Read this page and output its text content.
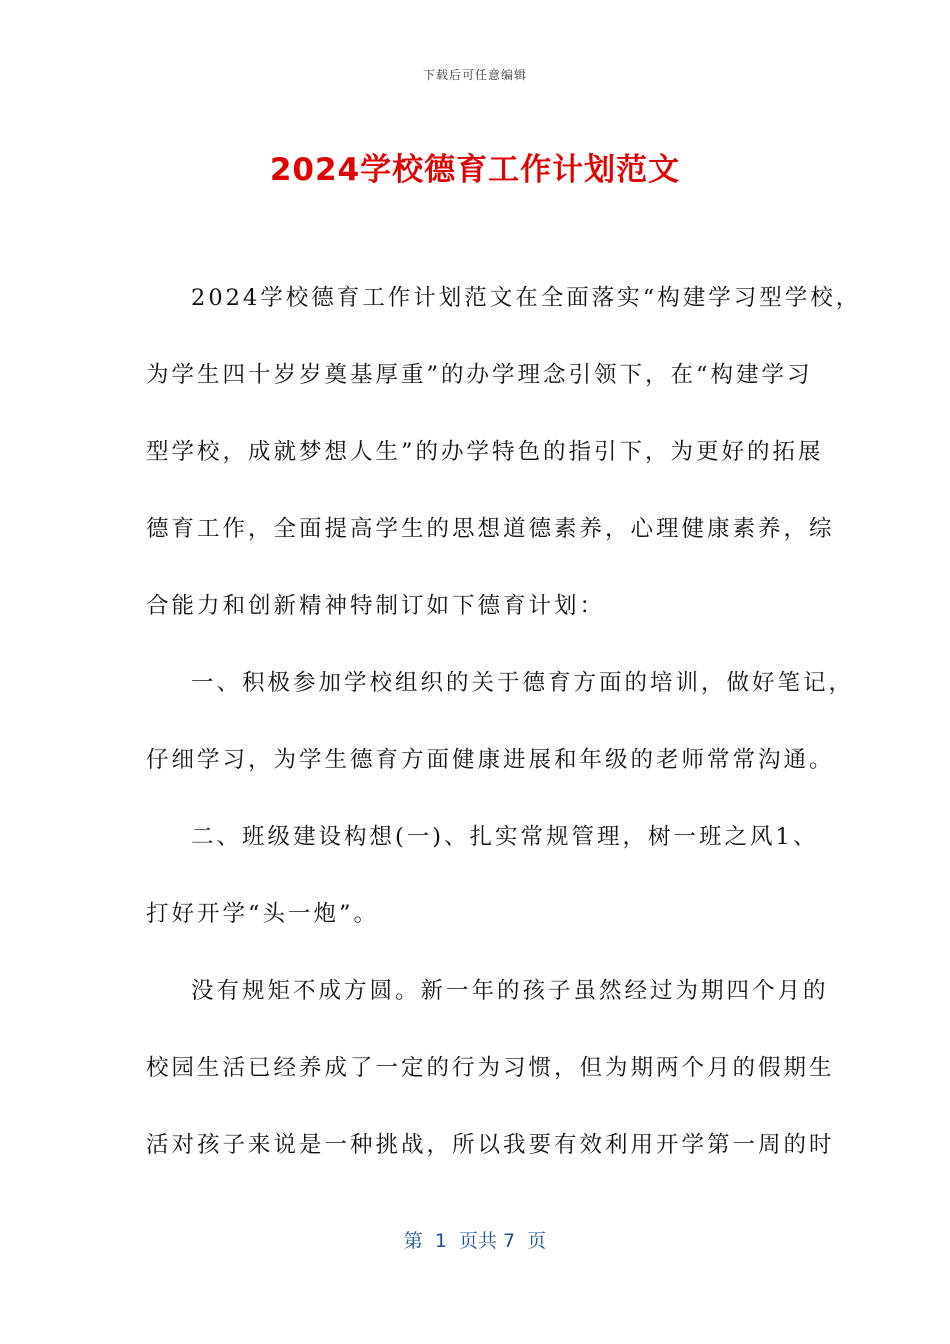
下载后可任意编辑
2024学校德育工作计划范文
2024学校德育工作计划范文在全面落实“构建学习型学校，
为学生四十岁岁奠基厚重”的办学理念引领下，在“构建学习
型学校，成就梦想人生”的办学特色的指引下，为更好的拓展
德育工作，全面提高学生的思想道德素养，心理健康素养，综
合能力和创新精神特制订如下德育计划：
一、积极参加学校组织的关于德育方面的培训，做好笔记，
仔细学习，为学生德育方面健康进展和年级的老师常常沟通。
二、班级建设构想(一)、扎实常规管理，树一班之风1、
打好开学“头一炮”。
没有规矩不成方圆。新一年的孩子虽然经过为期四个月的
校园生活已经养成了一定的行为习惯，但为期两个月的假期生
活对孩子来说是一种挑战，所以我要有效利用开学第一周的时
第  1  页共 7  页
